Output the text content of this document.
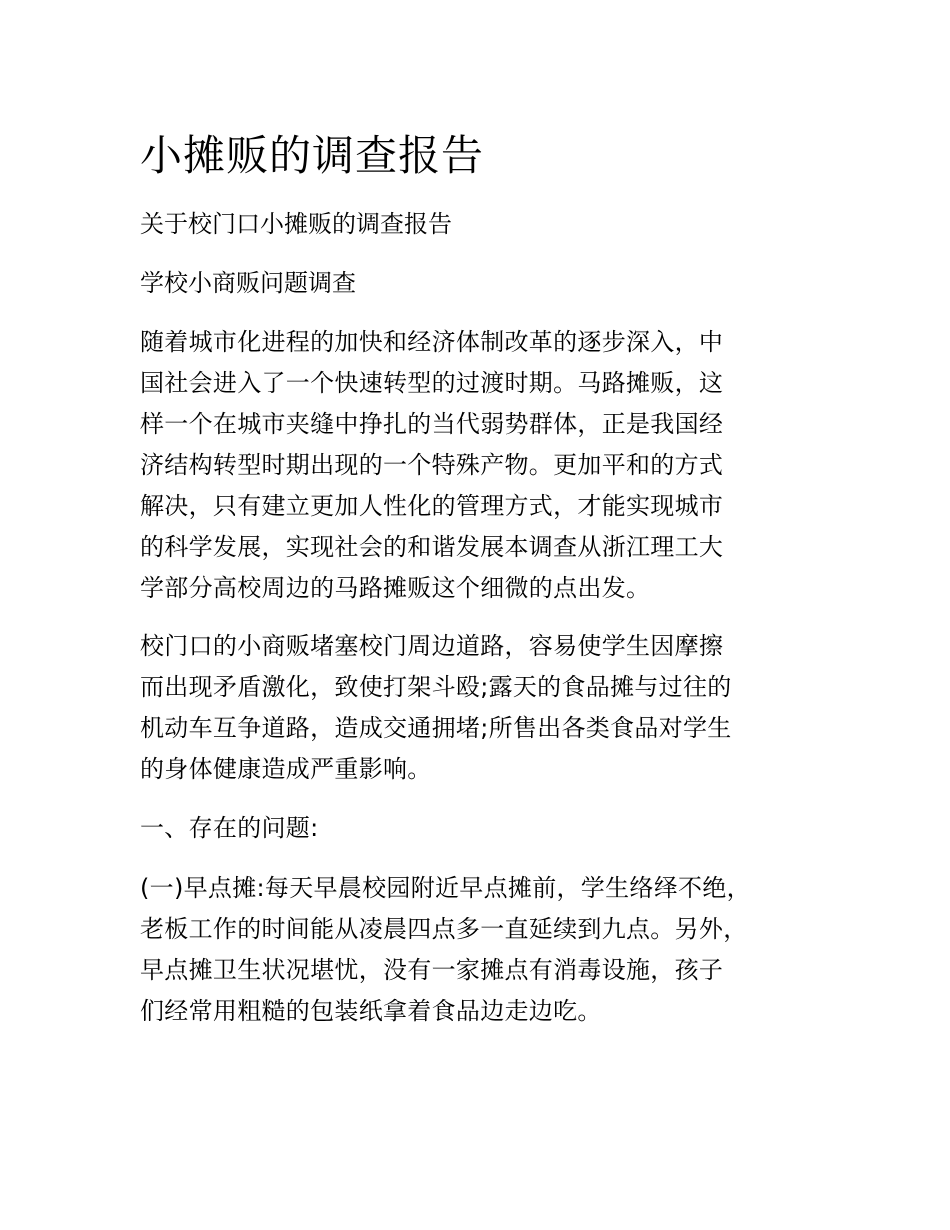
小摊贩的调查报告

关于校门口小摊贩的调查报告

学校小商贩问题调查

随着城市化进程的加快和经济体制改革的逐步深入，中
国社会进入了一个快速转型的过渡时期。马路摊贩，这
样一个在城市夹缝中挣扎的当代弱势群体，正是我国经
济结构转型时期出现的一个特殊产物。更加平和的方式
解决，只有建立更加人性化的管理方式，才能实现城市
的科学发展，实现社会的和谐发展本调查从浙江理工大
学部分高校周边的马路摊贩这个细微的点出发。
校门口的小商贩堵塞校门周边道路，容易使学生因摩擦
而出现矛盾激化，致使打架斗殴;露天的食品摊与过往的
机动车互争道路，造成交通拥堵;所售出各类食品对学生
的身体健康造成严重影响。
一、存在的问题:
(一)早点摊:每天早晨校园附近早点摊前，学生络绎不绝，
老板工作的时间能从凌晨四点多一直延续到九点。另外，
早点摊卫生状况堪忧，没有一家摊点有消毒设施，孩子
们经常用粗糙的包装纸拿着食品边走边吃。
